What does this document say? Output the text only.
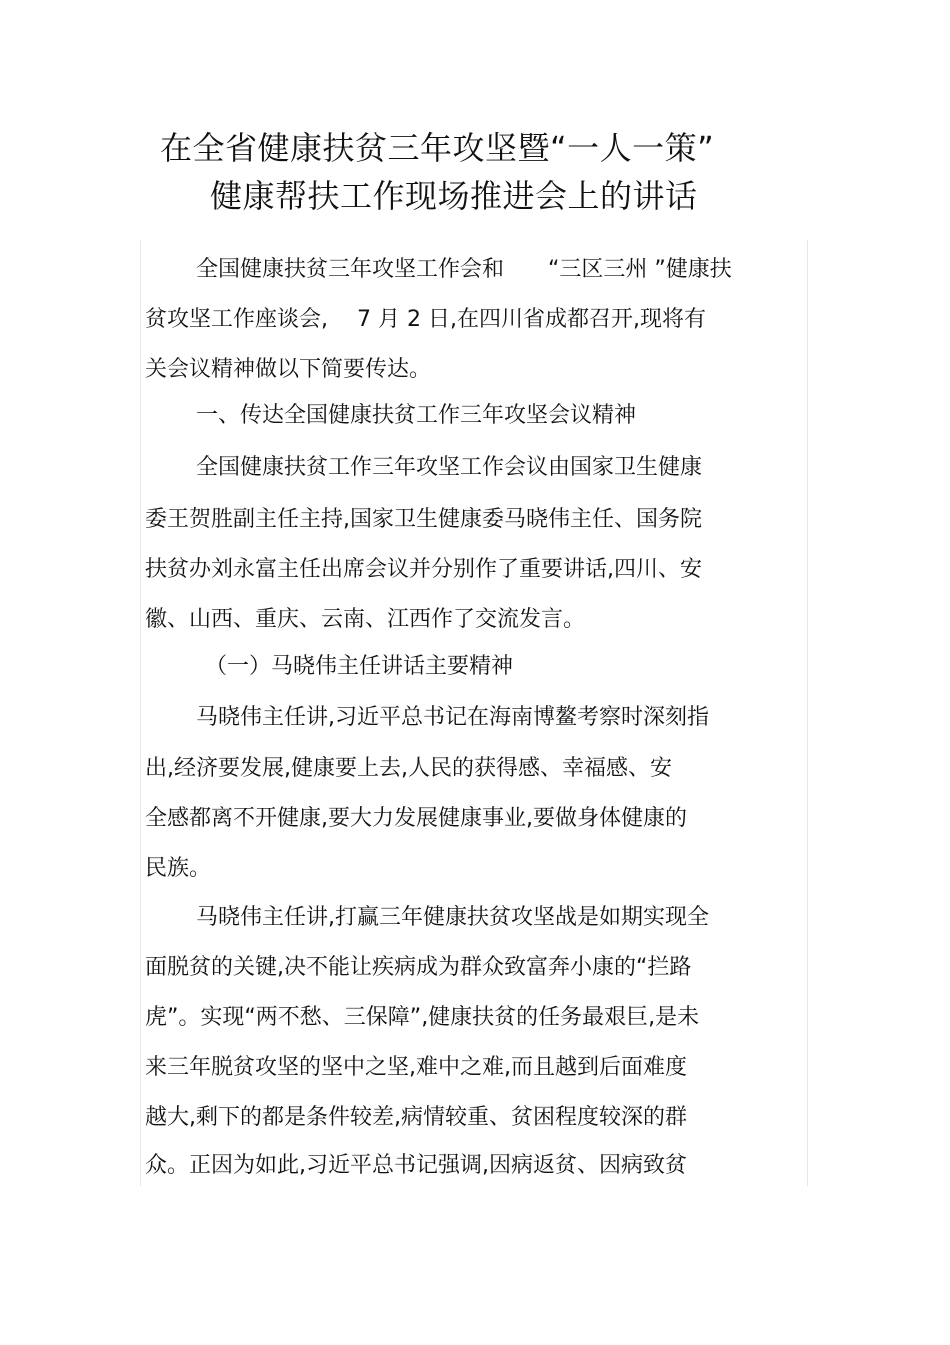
在全省健康扶贫三年攻坚暨“一人一策”
健康帮扶工作现场推进会上的讲话

全国健康扶贫三年攻坚工作会和　　“三区三州 ”健康扶

贫攻坚工作座谈会,　 7 月 2 日,在四川省成都召开,现将有

关会议精神做以下简要传达。

一、传达全国健康扶贫工作三年攻坚会议精神

全国健康扶贫工作三年攻坚工作会议由国家卫生健康

委王贺胜副主任主持,国家卫生健康委马晓伟主任、国务院

扶贫办刘永富主任出席会议并分别作了重要讲话,四川、安

徽、山西、重庆、云南、江西作了交流发言。

（一）马晓伟主任讲话主要精神

马晓伟主任讲,习近平总书记在海南博鳌考察时深刻指

出,经济要发展,健康要上去,人民的获得感、幸福感、安

全感都离不开健康,要大力发展健康事业,要做身体健康的

民族。

马晓伟主任讲,打赢三年健康扶贫攻坚战是如期实现全

面脱贫的关键,决不能让疾病成为群众致富奔小康的“拦路

虎”。实现“两不愁、三保障”,健康扶贫的任务最艰巨,是未

来三年脱贫攻坚的坚中之坚,难中之难,而且越到后面难度

越大,剩下的都是条件较差,病情较重、贫困程度较深的群

众。正因为如此,习近平总书记强调,因病返贫、因病致贫
